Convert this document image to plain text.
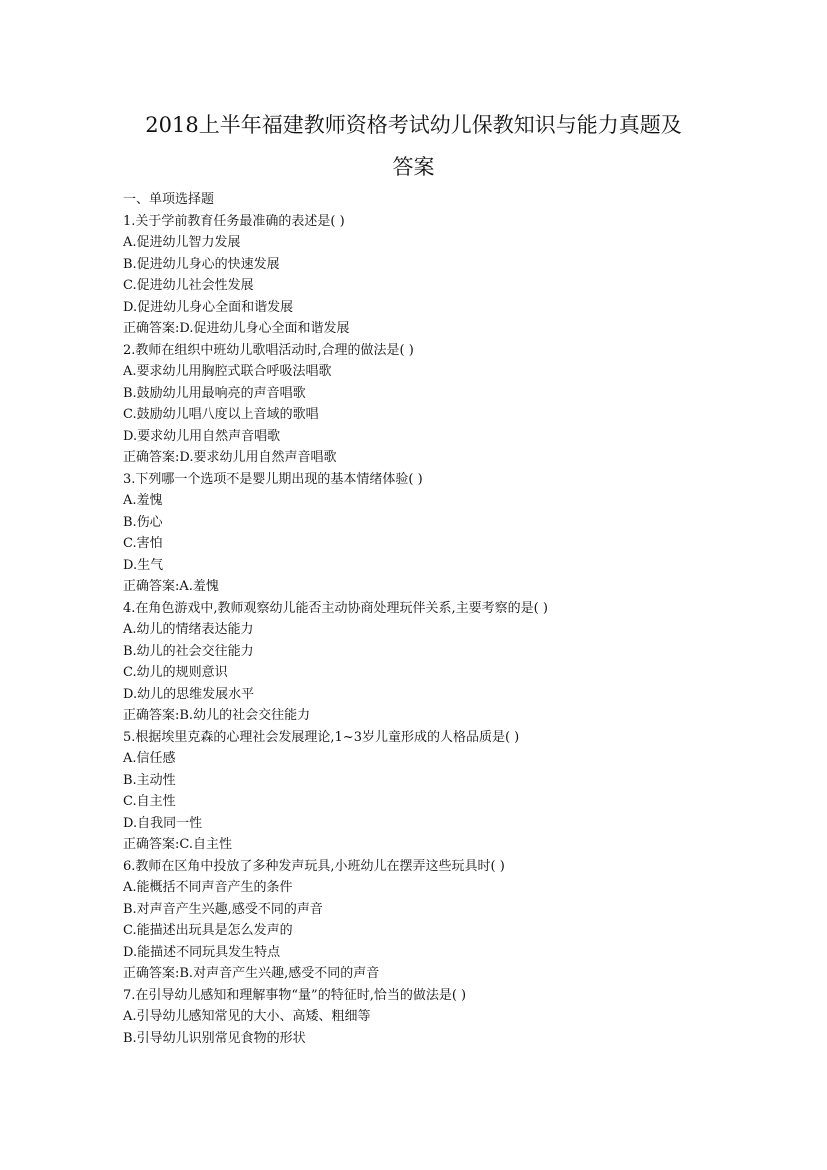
2018上半年福建教师资格考试幼儿保教知识与能力真题及
答案
一、单项选择题
1.关于学前教育任务最准确的表述是( )
A.促进幼儿智力发展
B.促进幼儿身心的快速发展
C.促进幼儿社会性发展
D.促进幼儿身心全面和谐发展
正确答案:D.促进幼儿身心全面和谐发展
2.教师在组织中班幼儿歌唱活动时,合理的做法是( )
A.要求幼儿用胸腔式联合呼吸法唱歌
B.鼓励幼儿用最响亮的声音唱歌
C.鼓励幼儿唱八度以上音域的歌唱
D.要求幼儿用自然声音唱歌
正确答案:D.要求幼儿用自然声音唱歌
3.下列哪一个选项不是婴儿期出现的基本情绪体验( )
A.羞愧
B.伤心
C.害怕
D.生气
正确答案:A.羞愧
4.在角色游戏中,教师观察幼儿能否主动协商处理玩伴关系,主要考察的是( )
A.幼儿的情绪表达能力
B.幼儿的社会交往能力
C.幼儿的规则意识
D.幼儿的思维发展水平
正确答案:B.幼儿的社会交往能力
5.根据埃里克森的心理社会发展理论,1~3岁儿童形成的人格品质是( )
A.信任感
B.主动性
C.自主性
D.自我同一性
正确答案:C.自主性
6.教师在区角中投放了多种发声玩具,小班幼儿在摆弄这些玩具时( )
A.能概括不同声音产生的条件
B.对声音产生兴趣,感受不同的声音
C.能描述出玩具是怎么发声的
D.能描述不同玩具发生特点
正确答案:B.对声音产生兴趣,感受不同的声音
7.在引导幼儿感知和理解事物“量”的特征时,恰当的做法是( )
A.引导幼儿感知常见的大小、高矮、粗细等
B.引导幼儿识别常见食物的形状
